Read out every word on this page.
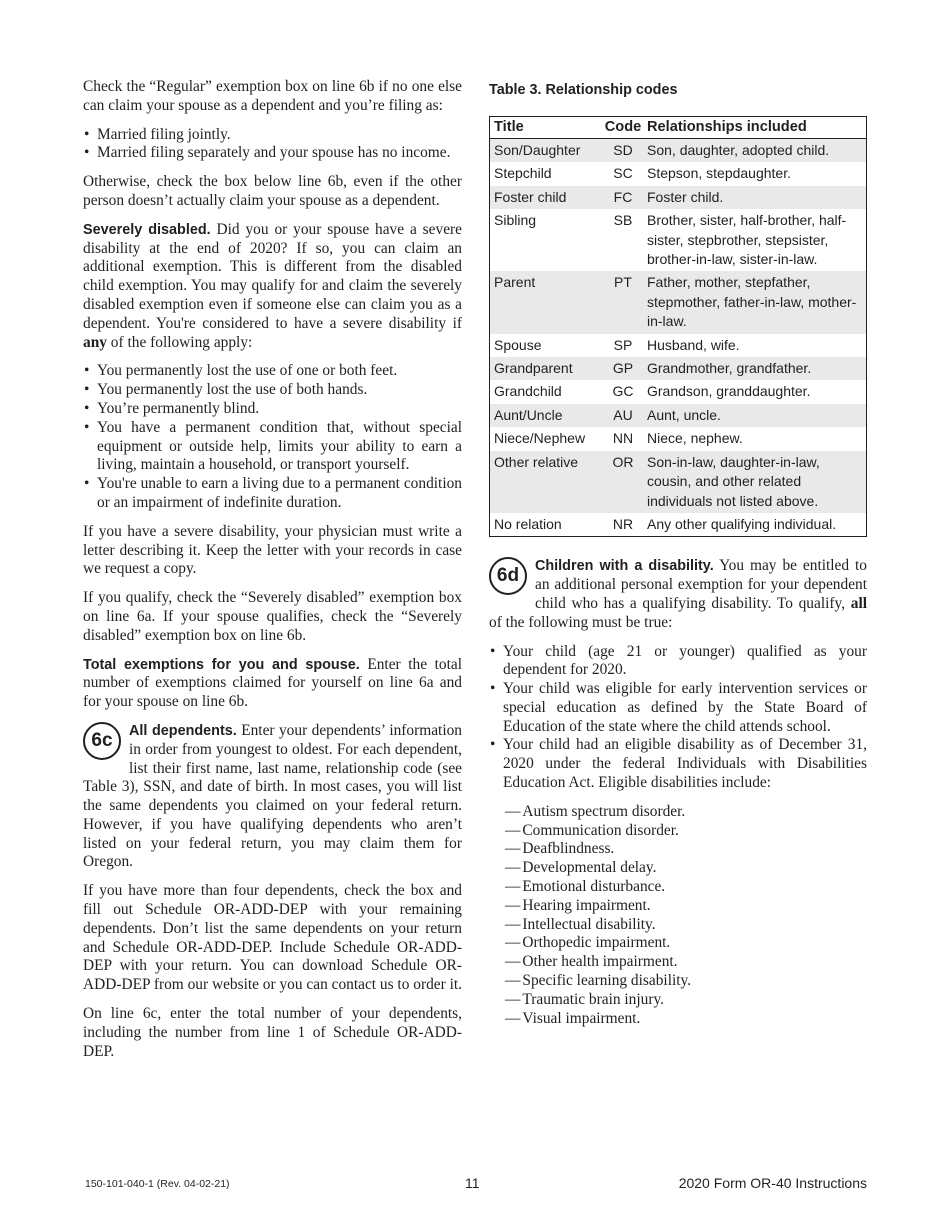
Check the “Regular” exemption box on line 6b if no one else can claim your spouse as a dependent and you’re filing as:

• Married filing jointly.
• Married filing separately and your spouse has no income.

Otherwise, check the box below line 6b, even if the other person doesn’t actually claim your spouse as a dependent.

Severely disabled. Did you or your spouse have a severe disability at the end of 2020? If so, you can claim an additional exemption. This is different from the disabled child exemption. You may qualify for and claim the severely disabled exemption even if someone else can claim you as a dependent. You're considered to have a severe disability if any of the following apply:

• You permanently lost the use of one or both feet.
• You permanently lost the use of both hands.
• You’re permanently blind.
• You have a permanent condition that, without special equipment or outside help, limits your ability to earn a living, maintain a household, or transport yourself.
• You're unable to earn a living due to a permanent condition or an impairment of indefinite duration.

If you have a severe disability, your physician must write a letter describing it. Keep the letter with your records in case we request a copy.

If you qualify, check the “Severely disabled” exemption box on line 6a. If your spouse qualifies, check the “Severely disabled” exemption box on line 6b.

Total exemptions for you and spouse. Enter the total number of exemptions claimed for yourself on line 6a and for your spouse on line 6b.

6c	All dependents. Enter your dependents’ information in order from youngest to oldest. For each dependent, list their first name, last name, relationship code (see Table 3), SSN, and date of birth. In most cases, you will list the same dependents you claimed on your federal return. However, if you have qualifying dependents who aren’t listed on your federal return, you may claim them for Oregon.

If you have more than four dependents, check the box and fill out Schedule OR-ADD-DEP with your remaining dependents. Don’t list the same dependents on your return and Schedule OR-ADD-DEP. Include Schedule OR-ADD-DEP with your return. You can download Schedule OR-ADD-DEP from our website or you can contact us to order it.

On line 6c, enter the total number of your dependents, including the number from line 1 of Schedule OR-ADD-DEP.

Table 3. Relationship codes
Title	Code	Relationships included
Son/Daughter	SD	Son, daughter, adopted child.
Stepchild	SC	Stepson, stepdaughter.
Foster child	FC	Foster child.
Sibling	SB	Brother, sister, half-brother, half-sister, stepbrother, stepsister, brother-in-law, sister-in-law.
Parent	PT	Father, mother, stepfather, stepmother, father-in-law, mother-in-law.
Spouse	SP	Husband, wife.
Grandparent	GP	Grandmother, grandfather.
Grandchild	GC	Grandson, granddaughter.
Aunt/Uncle	AU	Aunt, uncle.
Niece/Nephew	NN	Niece, nephew.
Other relative	OR	Son-in-law, daughter-in-law, cousin, and other related individuals not listed above.
No relation	NR	Any other qualifying individual.

6d	Children with a disability. You may be entitled to an additional personal exemption for your dependent child who has a qualifying disability. To qualify, all of the following must be true:

• Your child (age 21 or younger) qualified as your dependent for 2020.
• Your child was eligible for early intervention services or special education as defined by the State Board of Education of the state where the child attends school.
• Your child had an eligible disability as of December 31, 2020 under the federal Individuals with Disabilities Education Act. Eligible disabilities include:
— Autism spectrum disorder.
— Communication disorder.
— Deafblindness.
— Developmental delay.
— Emotional disturbance.
— Hearing impairment.
— Intellectual disability.
— Orthopedic impairment.
— Other health impairment.
— Specific learning disability.
— Traumatic brain injury.
— Visual impairment.
150-101-040-1 (Rev. 04-02-21)	11	2020 Form OR-40 Instructions
